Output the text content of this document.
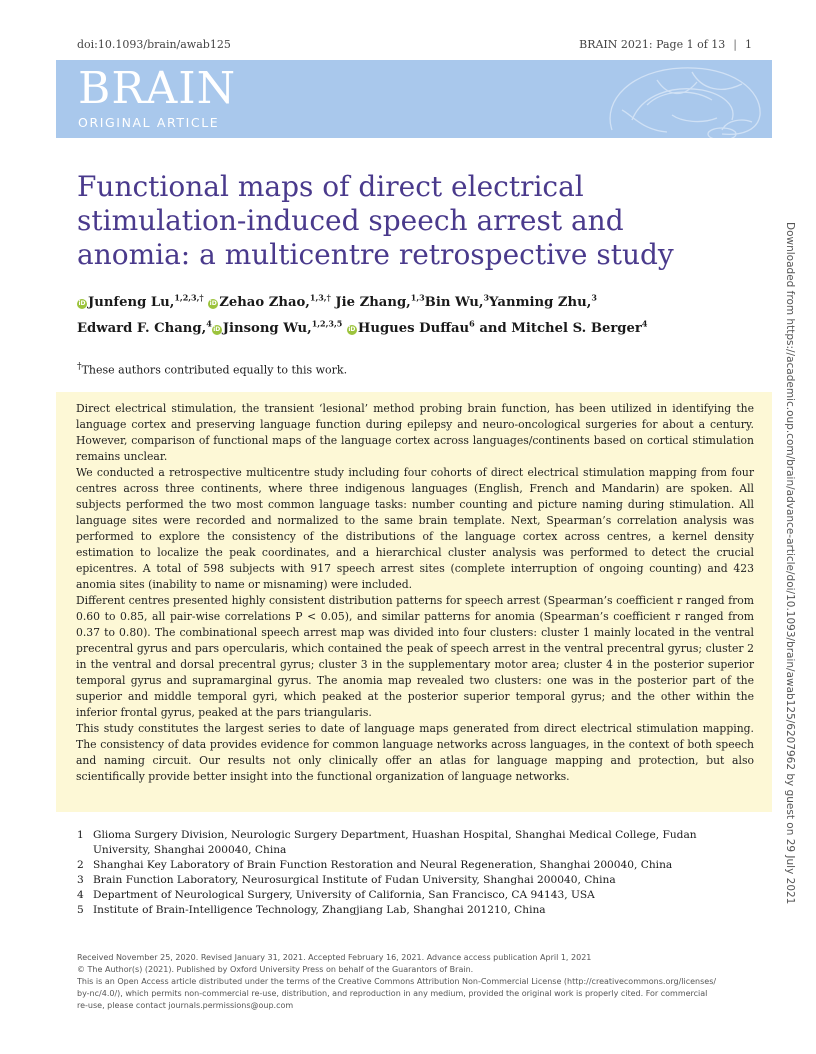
doi:10.1093/brain/awab125	BRAIN 2021: Page 1 of 13 | 1
BRAIN
ORIGINAL ARTICLE
Functional maps of direct electrical stimulation-induced speech arrest and anomia: a multicentre retrospective study
iD Junfeng Lu,$^{1,2,3,\dagger}$ iD Zehao Zhao,$^{1,3,\dagger}$ Jie Zhang,$^{1,3}$Bin Wu,$^3$Yanming Zhu,$^3$
Edward F. Chang,$^4$iD Jinsong Wu,$^{1,2,3,5}$ iD Hugues Duffau$^6$ and Mitchel S. Berger$^4$
†These authors contributed equally to this work.

Direct electrical stimulation, the transient ‘lesional’ method probing brain function, has been utilized in identifying the language cortex and preserving language function during epilepsy and neuro-oncological surgeries for about a century. However, comparison of functional maps of the language cortex across languages/continents based on cortical stimulation remains unclear.

We conducted a retrospective multicentre study including four cohorts of direct electrical stimulation mapping from four centres across three continents, where three indigenous languages (English, French and Mandarin) are spoken. All subjects performed the two most common language tasks: number counting and picture naming during stimulation. All language sites were recorded and normalized to the same brain template. Next, Spearman’s correlation analysis was performed to explore the consistency of the distributions of the language cortex across centres, a kernel density estimation to localize the peak coordinates, and a hierarchical cluster analysis was performed to detect the crucial epicentres. A total of 598 subjects with 917 speech arrest sites (complete interruption of ongoing counting) and 423 anomia sites (inability to name or misnaming) were included.

Different centres presented highly consistent distribution patterns for speech arrest (Spearman’s coefficient r ranged from 0.60 to 0.85, all pair-wise correlations P < 0.05), and similar patterns for anomia (Spearman’s coefficient r ranged from 0.37 to 0.80). The combinational speech arrest map was divided into four clusters: cluster 1 mainly located in the ventral precentral gyrus and pars opercularis, which contained the peak of speech arrest in the ventral precentral gyrus; cluster 2 in the ventral and dorsal precentral gyrus; cluster 3 in the supplementary motor area; cluster 4 in the posterior superior temporal gyrus and supramarginal gyrus. The anomia map revealed two clusters: one was in the posterior part of the superior and middle temporal gyri, which peaked at the posterior superior temporal gyrus; and the other within the inferior frontal gyrus, peaked at the pars triangularis.

This study constitutes the largest series to date of language maps generated from direct electrical stimulation mapping. The consistency of data provides evidence for common language networks across languages, in the context of both speech and naming circuit. Our results not only clinically offer an atlas for language mapping and protection, but also scientifically provide better insight into the functional organization of language networks.

1 Glioma Surgery Division, Neurologic Surgery Department, Huashan Hospital, Shanghai Medical College, Fudan University, Shanghai 200040, China
2 Shanghai Key Laboratory of Brain Function Restoration and Neural Regeneration, Shanghai 200040, China
3 Brain Function Laboratory, Neurosurgical Institute of Fudan University, Shanghai 200040, China
4 Department of Neurological Surgery, University of California, San Francisco, CA 94143, USA
5 Institute of Brain-Intelligence Technology, Zhangjiang Lab, Shanghai 201210, China
Received November 25, 2020. Revised January 31, 2021. Accepted February 16, 2021. Advance access publication April 1, 2021
© The Author(s) (2021). Published by Oxford University Press on behalf of the Guarantors of Brain.
This is an Open Access article distributed under the terms of the Creative Commons Attribution Non-Commercial License (http://creativecommons.org/licenses/
by-nc/4.0/), which permits non-commercial re-use, distribution, and reproduction in any medium, provided the original work is properly cited. For commercial
re-use, please contact journals.permissions@oup.com
Downloaded from https://academic.oup.com/brain/advance-article/doi/10.1093/brain/awab125/6207962 by guest on 29 July 2021
